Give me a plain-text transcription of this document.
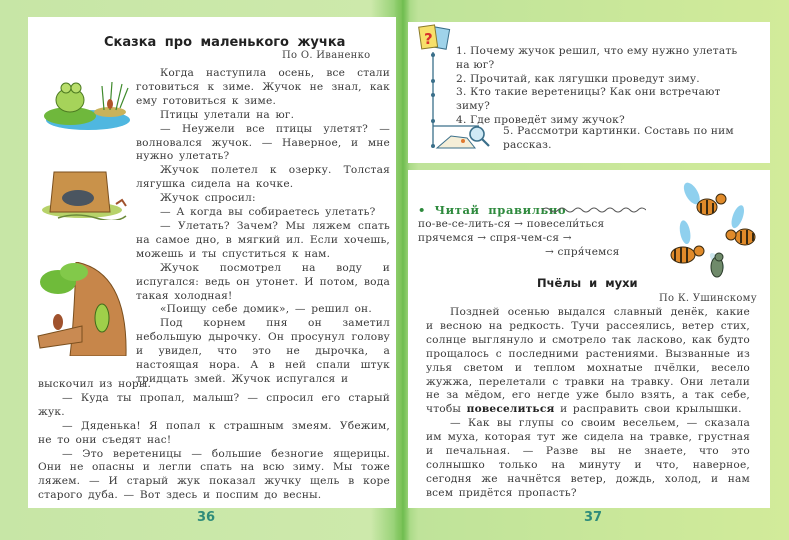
Сказка про маленького жучка
По О. Иваненко

Когда наступила осень, все стали готовиться к зиме. Жучок не знал, как ему готовиться к зиме.

Птицы улетали на юг.

— Неужели все птицы улетят? — волновался жучок. — Наверное, и мне нужно улетать?

Жучок полетел к озерку. Толстая лягушка сидела на кочке.

Жучок спросил:

— А когда вы собираетесь улетать?

— Улетать? Зачем? Мы ляжем спать на самое дно, в мягкий ил. Если хочешь, можешь и ты спуститься к нам.

Жучок посмотрел на воду и испугался: ведь он утонет. И потом, вода такая холодная!

«Поищу себе домик», — решил он.

Под корнем пня он заметил небольшую дырочку. Он просунул голову и увидел, что это не дырочка, а настоящая нора. А в ней спали штук тридцать змей. Жучок испугался и

выскочил из норы.

— Куда ты пропал, малыш? — спросил его старый жук.

— Дяденька! Я попал к страшным змеям. Убежим, не то они съедят нас!

— Это веретеницы — большие безногие ящерицы. Они не опасны и легли спать на всю зиму. Мы тоже ляжем. — И старый жук показал жучку щель в коре старого дуба. — Вот здесь и поспим до весны.

36
?

1. Почему жучок решил, что ему нужно улетать на юг?

2. Прочитай, как лягушки проведут зиму.

3. Кто такие веретеницы? Как они встречают зиму?

4. Где проведёт зиму жучок?

5. Рассмотри картинки. Составь по ним рассказ.

• Читай правильно
по-ве-се-лить-ся → повесели́ться
прячемся → спря-чем-ся →
→ спря́чемся
Пчёлы и мухи
По К. Ушинскому

Поздней осенью выдался славный денёк, какие и весною на редкость. Тучи рассеялись, ветер стих, солнце выглянуло и смотрело так ласково, как будто прощалось с последними растениями. Вызванные из улья светом и теплом мохнатые пчёлки, весело жужжа, перелетали с травки на травку. Они летали не за мёдом, его негде уже было взять, а так себе, чтобы повеселиться и расправить свои крылышки.

— Как вы глупы со своим весельем, — сказала им муха, которая тут же сидела на травке, грустная и печальная. — Разве вы не знаете, что это солнышко только на минуту и что, наверное, сегодня же начнётся ветер, дождь, холод, и нам всем придётся пропасть?

37
